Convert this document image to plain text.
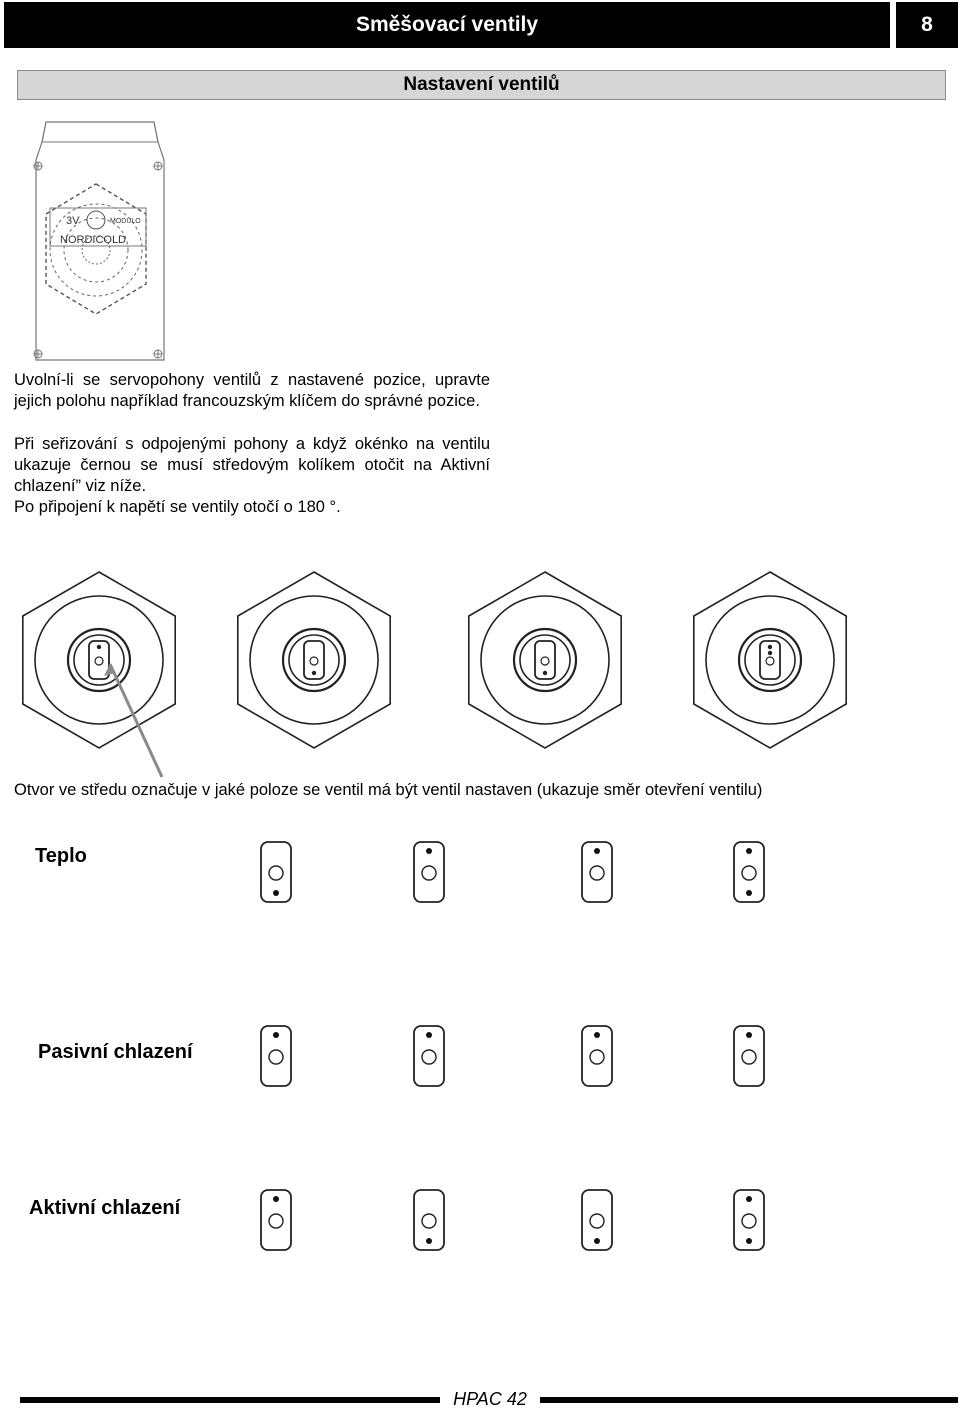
Směšovací ventily	8
Nastavení ventilů
3V	MODULO
NORDICOLD

Uvolní-li se servopohony ventilů z nastavené pozice, upravte jejich polohu například francouzským klíčem do správné pozice.

Při seřizování s odpojenými pohony a když okénko na ventilu ukazuje černou se musí středovým kolíkem otočit na Aktivní chlazení” viz níže.

Po připojení k napětí se ventily otočí o 180 °.

Otvor ve středu označuje v jaké poloze se ventil má být ventil nastaven (ukazuje směr otevření ventilu)

Teplo
Pasivní chlazení
Aktivní chlazení
HPAC 42
